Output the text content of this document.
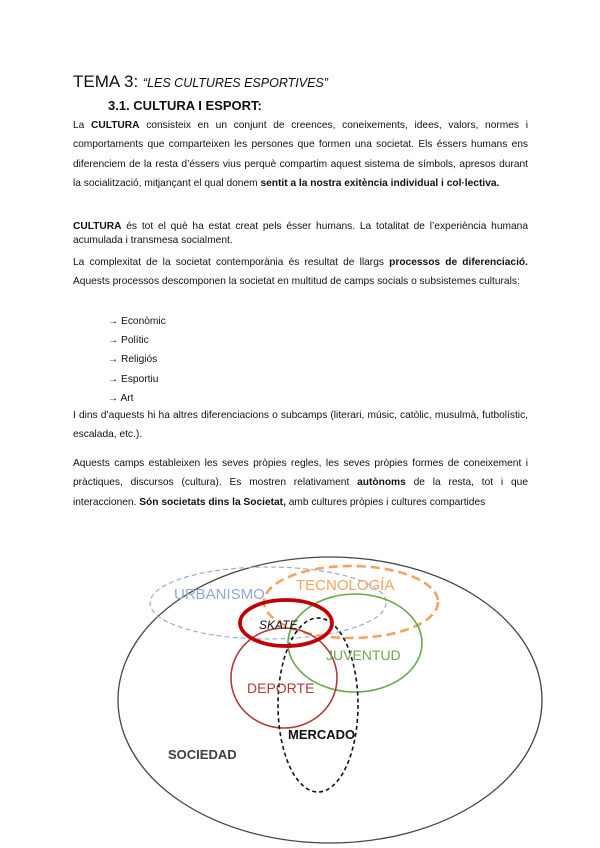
TEMA 3: “LES CULTURES ESPORTIVES”
3.1. CULTURA I ESPORT:
La CULTURA consisteix en un conjunt de creences, coneixements, idees, valors, normes i comportaments que comparteixen les persones que formen una societat. Els éssers humans ens diferenciem de la resta d’éssers vius perquè compartim aquest sistema de símbols, apresos durant la socialització, mitjançant el qual donem sentit a la nostra exitència individual i col·lectiva.
CULTURA és tot el què ha estat creat pels ésser humans. La totalitat de l’experiència humana acumulada i transmesa socialment.
La complexitat de la societat contemporània és resultat de llargs processos de diferenciació. Aquests processos descomponen la societat en multitud de camps socials o subsistemes culturals:
→ Econòmic
→ Polític
→ Religiós
→ Esportiu
→ Art
I dins d’aquests hi ha altres diferenciacions o subcamps (literari, músic, catòlic, musulmà, futbolístic, escalada, etc.).
Aquests camps estableixen les seves pròpies regles, les seves pròpies formes de coneixement i pràctiques, discursos (cultura). Es mostren relativament autònoms de la resta, tot i que interaccionen. Són societats dins la Societat, amb cultures pròpies i cultures compartides
URBANISMO
TECNOLOGÍA
SKATE
JUVENTUD
DEPORTE
MERCADO
SOCIEDAD
